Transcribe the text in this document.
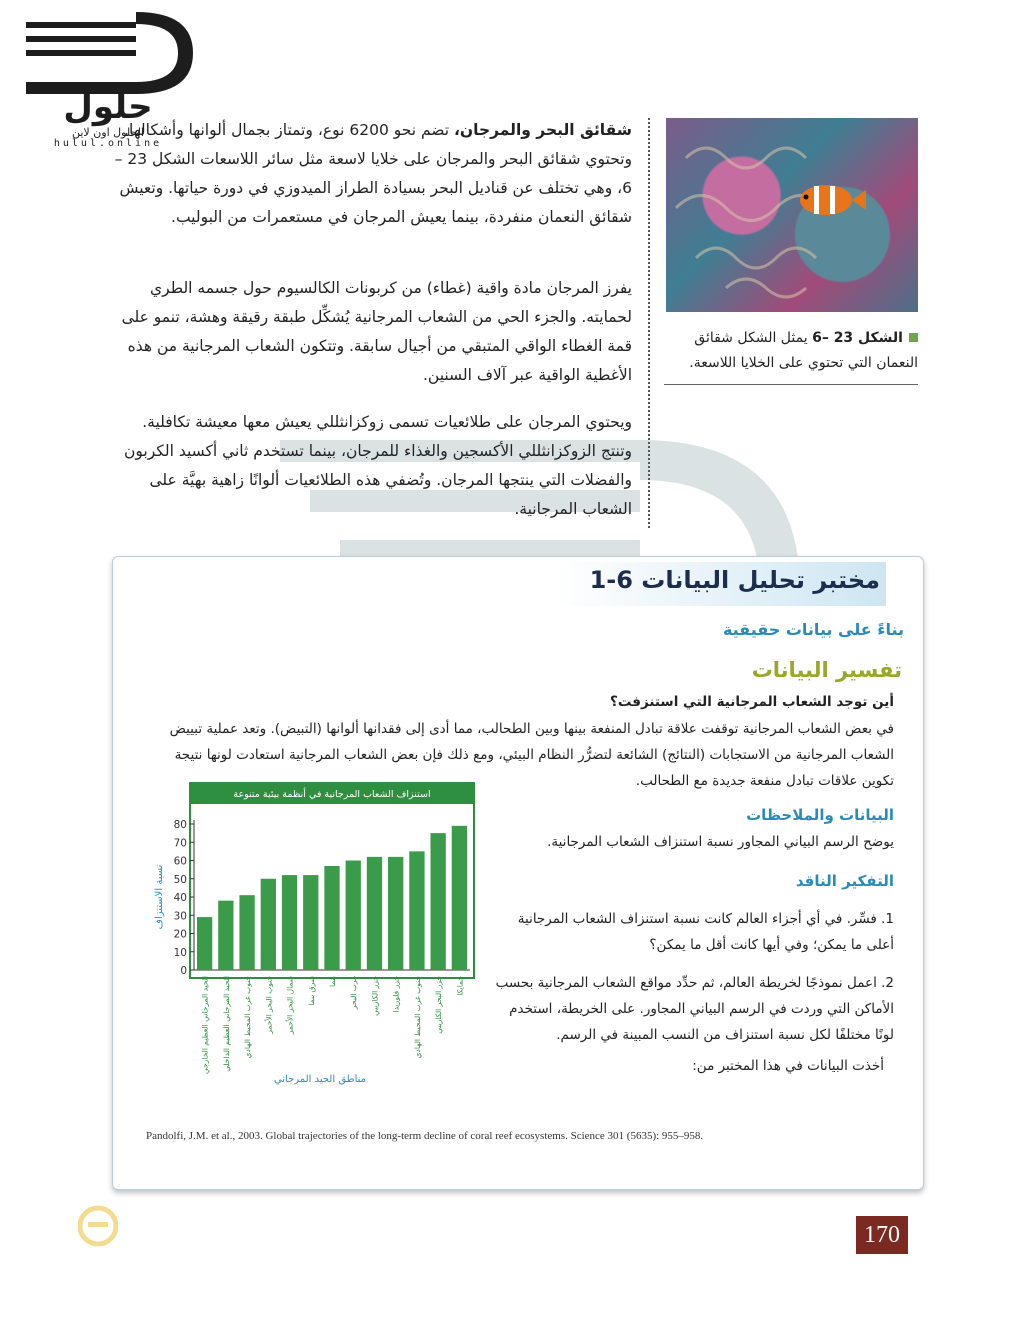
حلول
الحلول اون لاين
hulul.online
شقائق البحر والمرجان، تضم نحو 6200 نوع، وتمتاز بجمال ألوانها وأشكالها. وتحتوي شقائق البحر والمرجان على خلايا لاسعة مثل سائر اللاسعات الشكل 23 –6، وهي تختلف عن قناديل البحر بسيادة الطراز الميدوزي في دورة حياتها. وتعيش شقائق النعمان منفردة، بينما يعيش المرجان في مستعمرات من البوليب.
يفرز المرجان مادة واقية (غطاء) من كربونات الكالسيوم حول جسمه الطري لحمايته. والجزء الحي من الشعاب المرجانية يُشكِّل طبقة رقيقة وهشة، تنمو على قمة الغطاء الواقي المتبقي من أجيال سابقة. وتتكون الشعاب المرجانية من هذه الأغطية الواقية عبر آلاف السنين.
ويحتوي المرجان على طلائعيات تسمى زوكزانثللي يعيش معها معيشة تكافلية. وتنتج الزوكزانثللي الأكسجين والغذاء للمرجان، بينما تستخدم ثاني أكسيد الكربون والفضلات التي ينتجها المرجان. وتُضفي هذه الطلائعيات ألوانًا زاهية بهيَّة على الشعاب المرجانية.
الشكل 23 –6 يمثل الشكل شقائق النعمان التي تحتوي على الخلايا اللاسعة.
مختبر تحليل البيانات 6-1
بناءً على بيانات حقيقية
تفسير البيانات
أين توجد الشعاب المرجانية التي استنزفت؟
في بعض الشعاب المرجانية توقفت علاقة تبادل المنفعة بينها وبين الطحالب، مما أدى إلى فقدانها ألوانها (التبيض). وتعد عملية تبييض الشعاب المرجانية من الاستجابات (النتائج) الشائعة لتضرُّر النظام البيئي، ومع ذلك فإن بعض الشعاب المرجانية استعادت لونها نتيجة تكوين علاقات تبادل منفعة جديدة مع الطحالب.
البيانات والملاحظات
يوضح الرسم البياني المجاور نسبة استنزاف الشعاب المرجانية.
التفكير الناقد
1. فسِّر. في أي أجزاء العالم كانت نسبة استنزاف الشعاب المرجانية أعلى ما يمكن؛ وفي أيها كانت أقل ما يمكن؟
2. اعمل نموذجًا لخريطة العالم، ثم حدِّد مواقع الشعاب المرجانية بحسب الأماكن التي وردت في الرسم البياني المجاور. على الخريطة، استخدم لونًا مختلفًا لكل نسبة استنزاف من النسب المبينة في الرسم.
أخذت البيانات في هذا المختبر من:
Pandolfi, J.M. et al., 2003. Global trajectories of the long-term decline of coral reef ecosystems. Science 301 (5635): 955–958.
استنزاف الشعاب المرجانية في أنظمة بيئية متنوعة
0
10
20
30
40
50
60
70
80
نسبة الاستنزاف
الحيد المرجاني العظيم الخارجي الحيد المرجاني العظيم الداخلي جنوب غرب المحيط الهادي جنوب البحر الأحمر شمال البحر الأحمر شرق بنما بنما غرب البحر جزر الكاريبي جزر فلوريدا جنوب غرب المحيط الهادي جزر البحر الكاريبي جمايكا
مناطق الحيد المرجاني
170
